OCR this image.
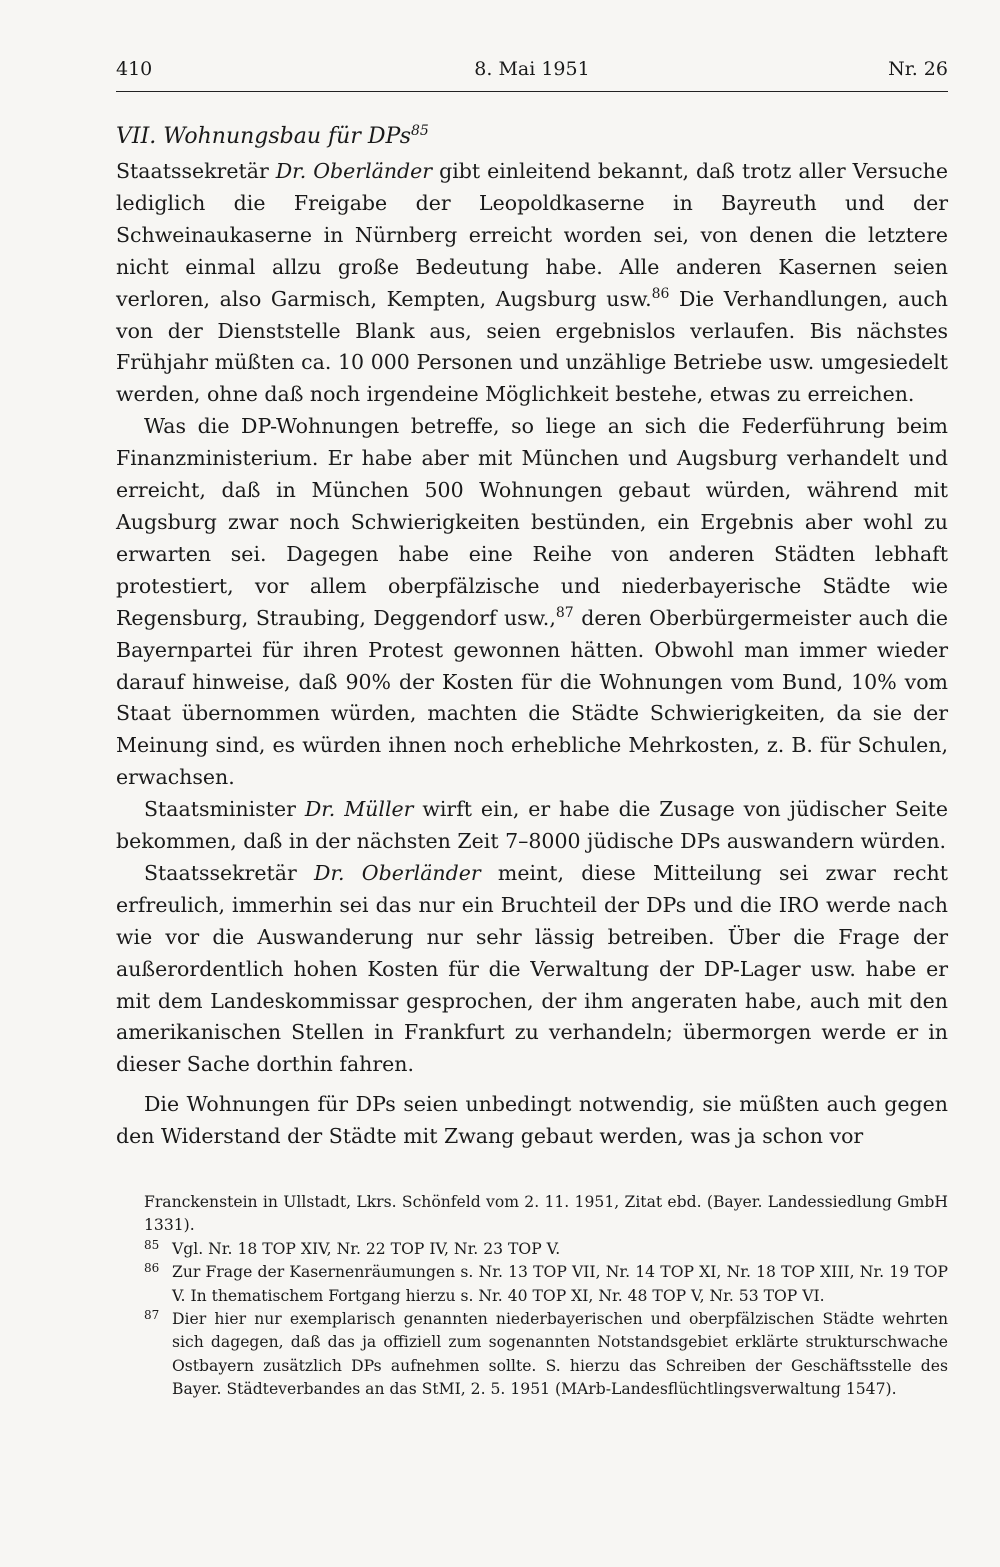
410	8. Mai 1951	Nr. 26
VII. Wohnungsbau für DPs$^{85}$

Staatssekretär Dr. Oberländer gibt einleitend bekannt, daß trotz aller Versuche lediglich die Freigabe der Leopoldkaserne in Bayreuth und der Schweinaukaserne in Nürnberg erreicht worden sei, von denen die letztere nicht einmal allzu große Bedeutung habe. Alle anderen Kasernen seien verloren, also Garmisch, Kempten, Augsburg usw.$^{86}$ Die Verhandlungen, auch von der Dienststelle Blank aus, seien ergebnislos verlaufen. Bis nächstes Frühjahr müßten ca. 10 000 Personen und unzählige Betriebe usw. umgesiedelt werden, ohne daß noch irgendeine Möglichkeit bestehe, etwas zu erreichen.

Was die DP-Wohnungen betreffe, so liege an sich die Federführung beim Finanzministerium. Er habe aber mit München und Augsburg verhandelt und erreicht, daß in München 500 Wohnungen gebaut würden, während mit Augsburg zwar noch Schwierigkeiten bestünden, ein Ergebnis aber wohl zu erwarten sei. Dagegen habe eine Reihe von anderen Städten lebhaft protestiert, vor allem oberpfälzische und niederbayerische Städte wie Regensburg, Straubing, Deggendorf usw.,$^{87}$ deren Oberbürgermeister auch die Bayernpartei für ihren Protest gewonnen hätten. Obwohl man immer wieder darauf hinweise, daß 90% der Kosten für die Wohnungen vom Bund, 10% vom Staat übernommen würden, machten die Städte Schwierigkeiten, da sie der Meinung sind, es würden ihnen noch erhebliche Mehrkosten, z. B. für Schulen, erwachsen.

Staatsminister Dr. Müller wirft ein, er habe die Zusage von jüdischer Seite bekommen, daß in der nächsten Zeit 7–8000 jüdische DPs auswandern würden.

Staatssekretär Dr. Oberländer meint, diese Mitteilung sei zwar recht erfreulich, immerhin sei das nur ein Bruchteil der DPs und die IRO werde nach wie vor die Auswanderung nur sehr lässig betreiben. Über die Frage der außerordentlich hohen Kosten für die Verwaltung der DP-Lager usw. habe er mit dem Landeskommissar gesprochen, der ihm angeraten habe, auch mit den amerikanischen Stellen in Frankfurt zu verhandeln; übermorgen werde er in dieser Sache dorthin fahren.

Die Wohnungen für DPs seien unbedingt notwendig, sie müßten auch gegen den Widerstand der Städte mit Zwang gebaut werden, was ja schon vor

Franckenstein in Ullstadt, Lkrs. Schönfeld vom 2. 11. 1951, Zitat ebd. (Bayer. Landessiedlung GmbH 1331).
85 Vgl. Nr. 18 TOP XIV, Nr. 22 TOP IV, Nr. 23 TOP V.
86 Zur Frage der Kasernenräumungen s. Nr. 13 TOP VII, Nr. 14 TOP XI, Nr. 18 TOP XIII, Nr. 19 TOP V. In thematischem Fortgang hierzu s. Nr. 40 TOP XI, Nr. 48 TOP V, Nr. 53 TOP VI.
87 Dier hier nur exemplarisch genannten niederbayerischen und oberpfälzischen Städte wehrten sich dagegen, daß das ja offiziell zum sogenannten Notstandsgebiet erklärte strukturschwache Ostbayern zusätzlich DPs aufnehmen sollte. S. hierzu das Schreiben der Geschäftsstelle des Bayer. Städteverbandes an das StMI, 2. 5. 1951 (MArb-Landesflüchtlingsverwaltung 1547).
